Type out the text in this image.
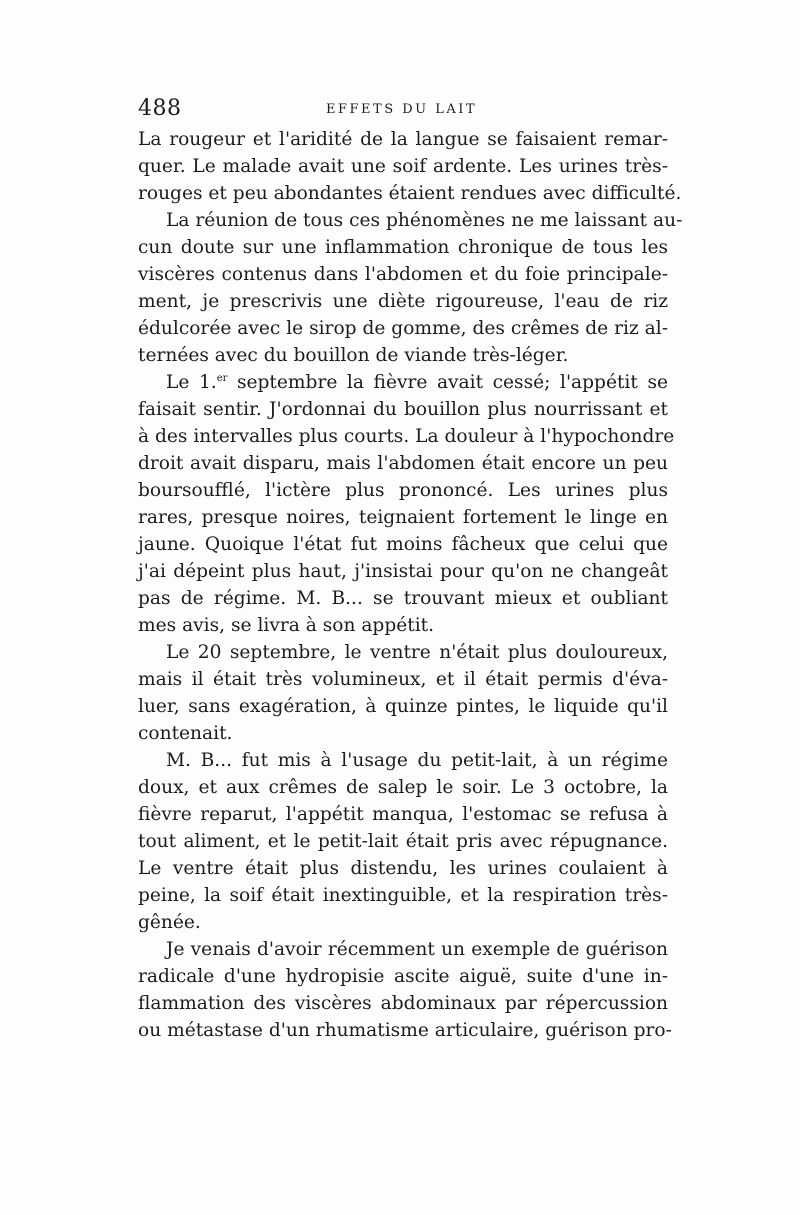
488	EFFETS DU LAIT
La rougeur et l'aridité de la langue se faisaient remar-
quer. Le malade avait une soif ardente. Les urines très-
rouges et peu abondantes étaient rendues avec difficulté.
La réunion de tous ces phénomènes ne me laissant au-
cun doute sur une inflammation chronique de tous les
viscères contenus dans l'abdomen et du foie principale-
ment, je prescrivis une diète rigoureuse, l'eau de riz
édulcorée avec le sirop de gomme, des crêmes de riz al-
ternées avec du bouillon de viande très-léger.
Le 1.$^{er}$ septembre la fièvre avait cessé; l'appétit se
faisait sentir. J'ordonnai du bouillon plus nourrissant et
à des intervalles plus courts. La douleur à l'hypochondre
droit avait disparu, mais l'abdomen était encore un peu
boursoufflé, l'ictère plus prononcé. Les urines plus
rares, presque noires, teignaient fortement le linge en
jaune. Quoique l'état fut moins fâcheux que celui que
j'ai dépeint plus haut, j'insistai pour qu'on ne changeât
pas de régime. M. B... se trouvant mieux et oubliant
mes avis, se livra à son appétit.
Le 20 septembre, le ventre n'était plus douloureux,
mais il était très volumineux, et il était permis d'éva-
luer, sans exagération, à quinze pintes, le liquide qu'il
contenait.
M. B... fut mis à l'usage du petit-lait, à un régime
doux, et aux crêmes de salep le soir. Le 3 octobre, la
fièvre reparut, l'appétit manqua, l'estomac se refusa à
tout aliment, et le petit-lait était pris avec répugnance.
Le ventre était plus distendu, les urines coulaient à
peine, la soif était inextinguible, et la respiration très-
gênée.
Je venais d'avoir récemment un exemple de guérison
radicale d'une hydropisie ascite aiguë, suite d'une in-
flammation des viscères abdominaux par répercussion
ou métastase d'un rhumatisme articulaire, guérison pro-
